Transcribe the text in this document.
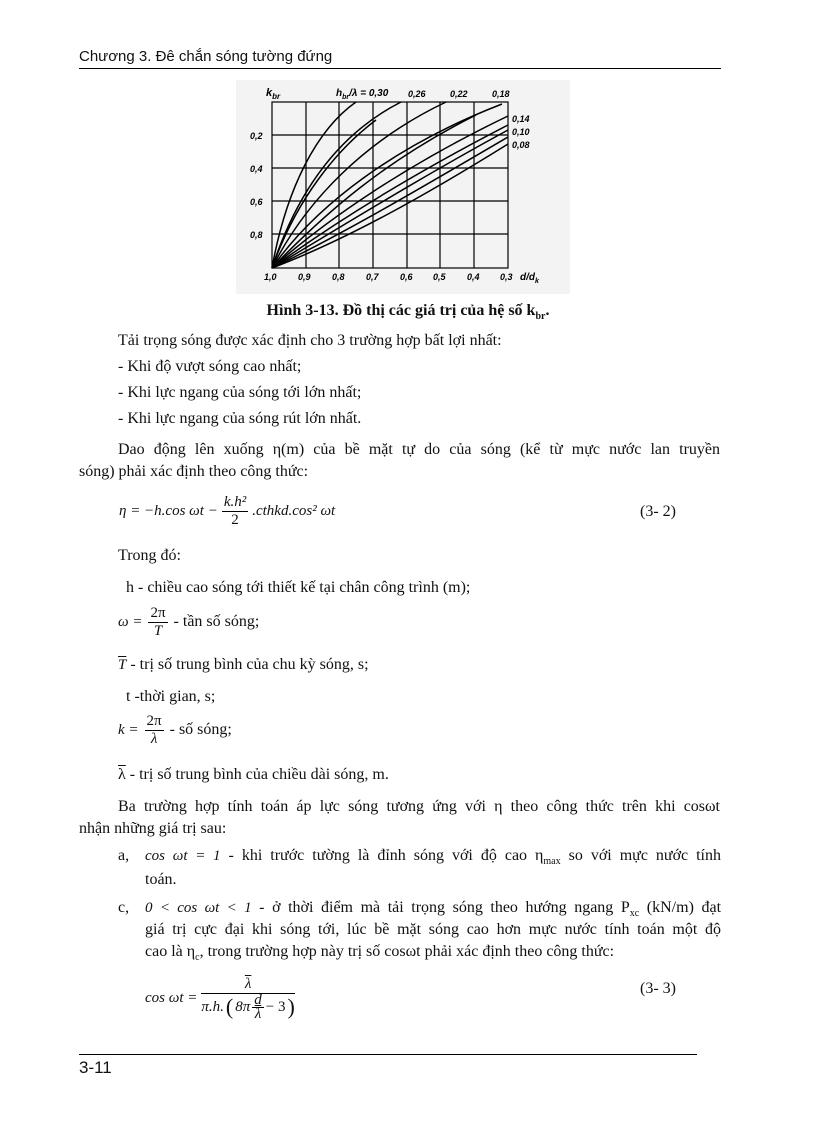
Chương 3. Đê chắn sóng tường đứng
$k_{br}$	$h_{br}/\lambda = 0,30$ 0,26	0,22	0,18
0,14
0,10
0,08
0,2
0,4
0,6
0,8
1,0 0,9 0,8 0,7 0,6 0,5 0,4 0,3 $d/d_k$
Hình 3-13. Đồ thị các giá trị của hệ số $k_{br}$.
Tải trọng sóng được xác định cho 3 trường hợp bất lợi nhất:
- Khi độ vượt sóng cao nhất;
- Khi lực ngang của sóng tới lớn nhất;
- Khi lực ngang của sóng rút lớn nhất.
Dao động lên xuống η(m) của bề mặt tự do của sóng (kể từ mực nước lan truyền
sóng) phải xác định theo công thức:
η = −h.cos $\omega t - \frac{\text{k.h²}}{2}$ .cthkd.cos² ωt	(3- 2)
Trong đó:
h - chiều cao sóng tới thiết kế tại chân công trình (m);
$\omega = \frac{2\pi}{T}$ - tần số sóng;
$\overline{T}$ - trị số trung bình của chu kỳ sóng, s;
t -thời gian, s;
$k = \frac{2\pi}{\lambda}$ - số sóng;
$\overline{\lambda}$ - trị số trung bình của chiều dài sóng, m.
Ba trường hợp tính toán áp lực sóng tương ứng với η theo công thức trên khi cosωt
nhận những giá trị sau:
a, cos ωt = 1 - khi trước tường là đỉnh sóng với độ cao $\eta_{max}$ so với mực nước tính
toán.
c, 0 < cos ωt < 1 - ở thời điểm mà tải trọng sóng theo hướng ngang $P_{xc}$ (kN/m) đạt
giá trị cực đại khi sóng tới, lúc bề mặt sóng cao hơn mực nước tính toán một độ
cao là $\eta_c$, trong trường hợp này trị số cosωt phải xác định theo công thức:
cos ωt =
$\overline{\lambda}$
π.h. ( $8\pi \frac{d}{\lambda} - 3$ )
(3- 3)
3-11
